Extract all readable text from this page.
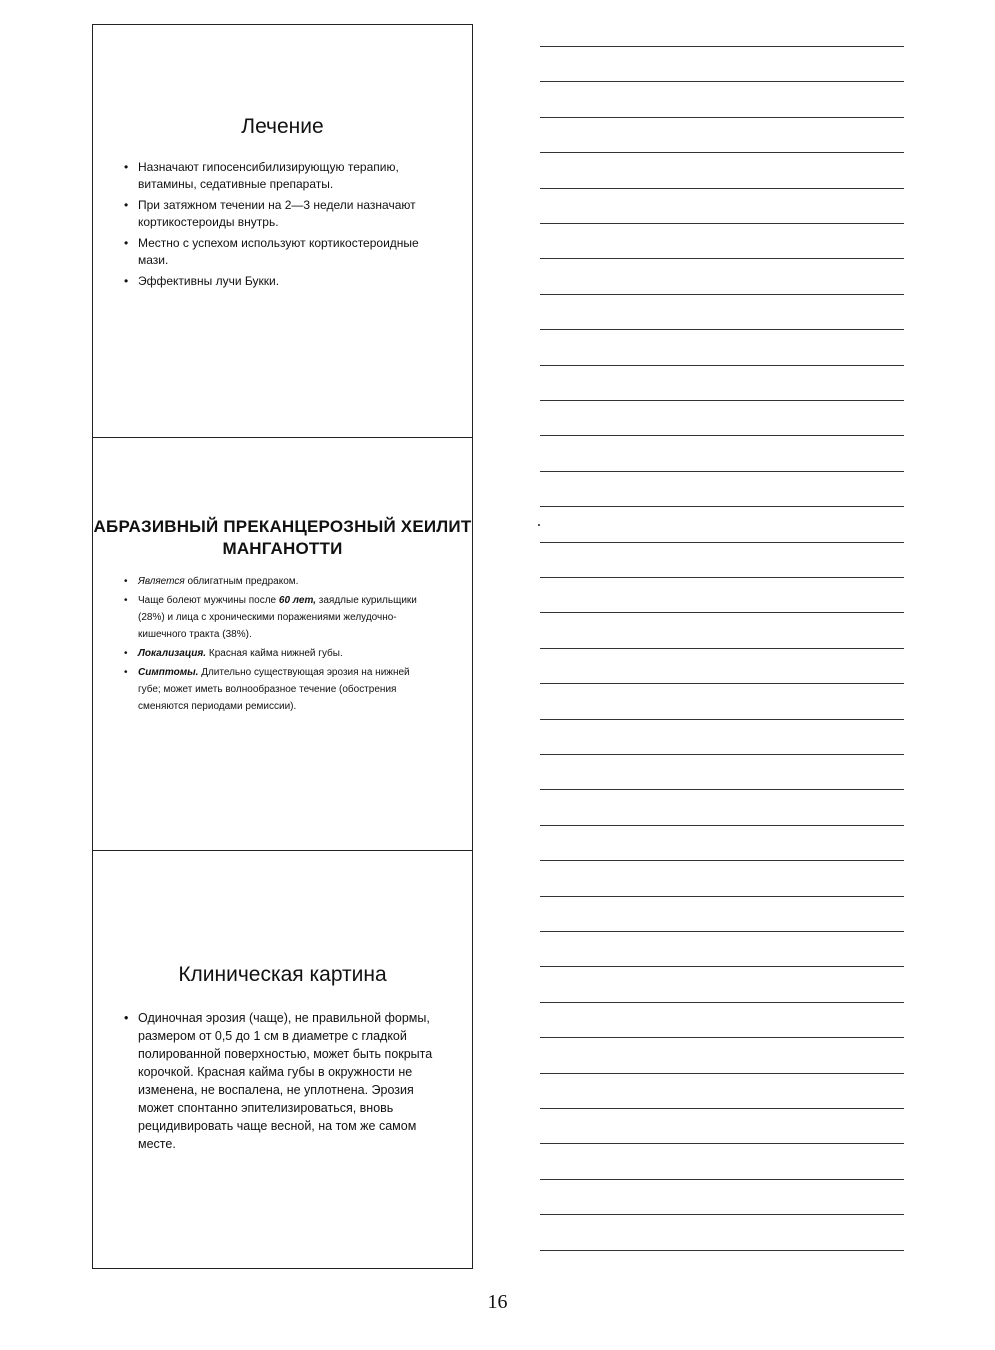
Лечение
• Назначают гипосенсибилизирующую терапию, витамины, седативные препараты.
• При затяжном течении на 2—3 недели назначают кортикостероиды внутрь.
• Местно с успехом используют кортикостероидные мази.
• Эффективны лучи Букки.
АБРАЗИВНЫЙ ПРЕКАНЦЕРОЗНЫЙ ХЕИЛИТ МАНГАНОТТИ
• Является облигатным предраком.
• Чаще болеют мужчины после 60 лет, заядлые курильщики (28%) и лица с хроническими поражениями желудочно-кишечного тракта (38%).
• Локализация. Красная кайма нижней губы.
• Симптомы. Длительно существующая эрозия на нижней губе; может иметь волнообразное течение (обострения сменяются периодами ремиссии).
Клиническая картина
• Одиночная эрозия (чаще), не правильной формы, размером от 0,5 до 1 см в диаметре с гладкой полированной поверхностью, может быть покрыта корочкой. Красная кайма губы в окружности не изменена, не воспалена, не уплотнена. Эрозия может спонтанно эпителизироваться, вновь рецидивировать чаще весной, на том же самом месте.
16
